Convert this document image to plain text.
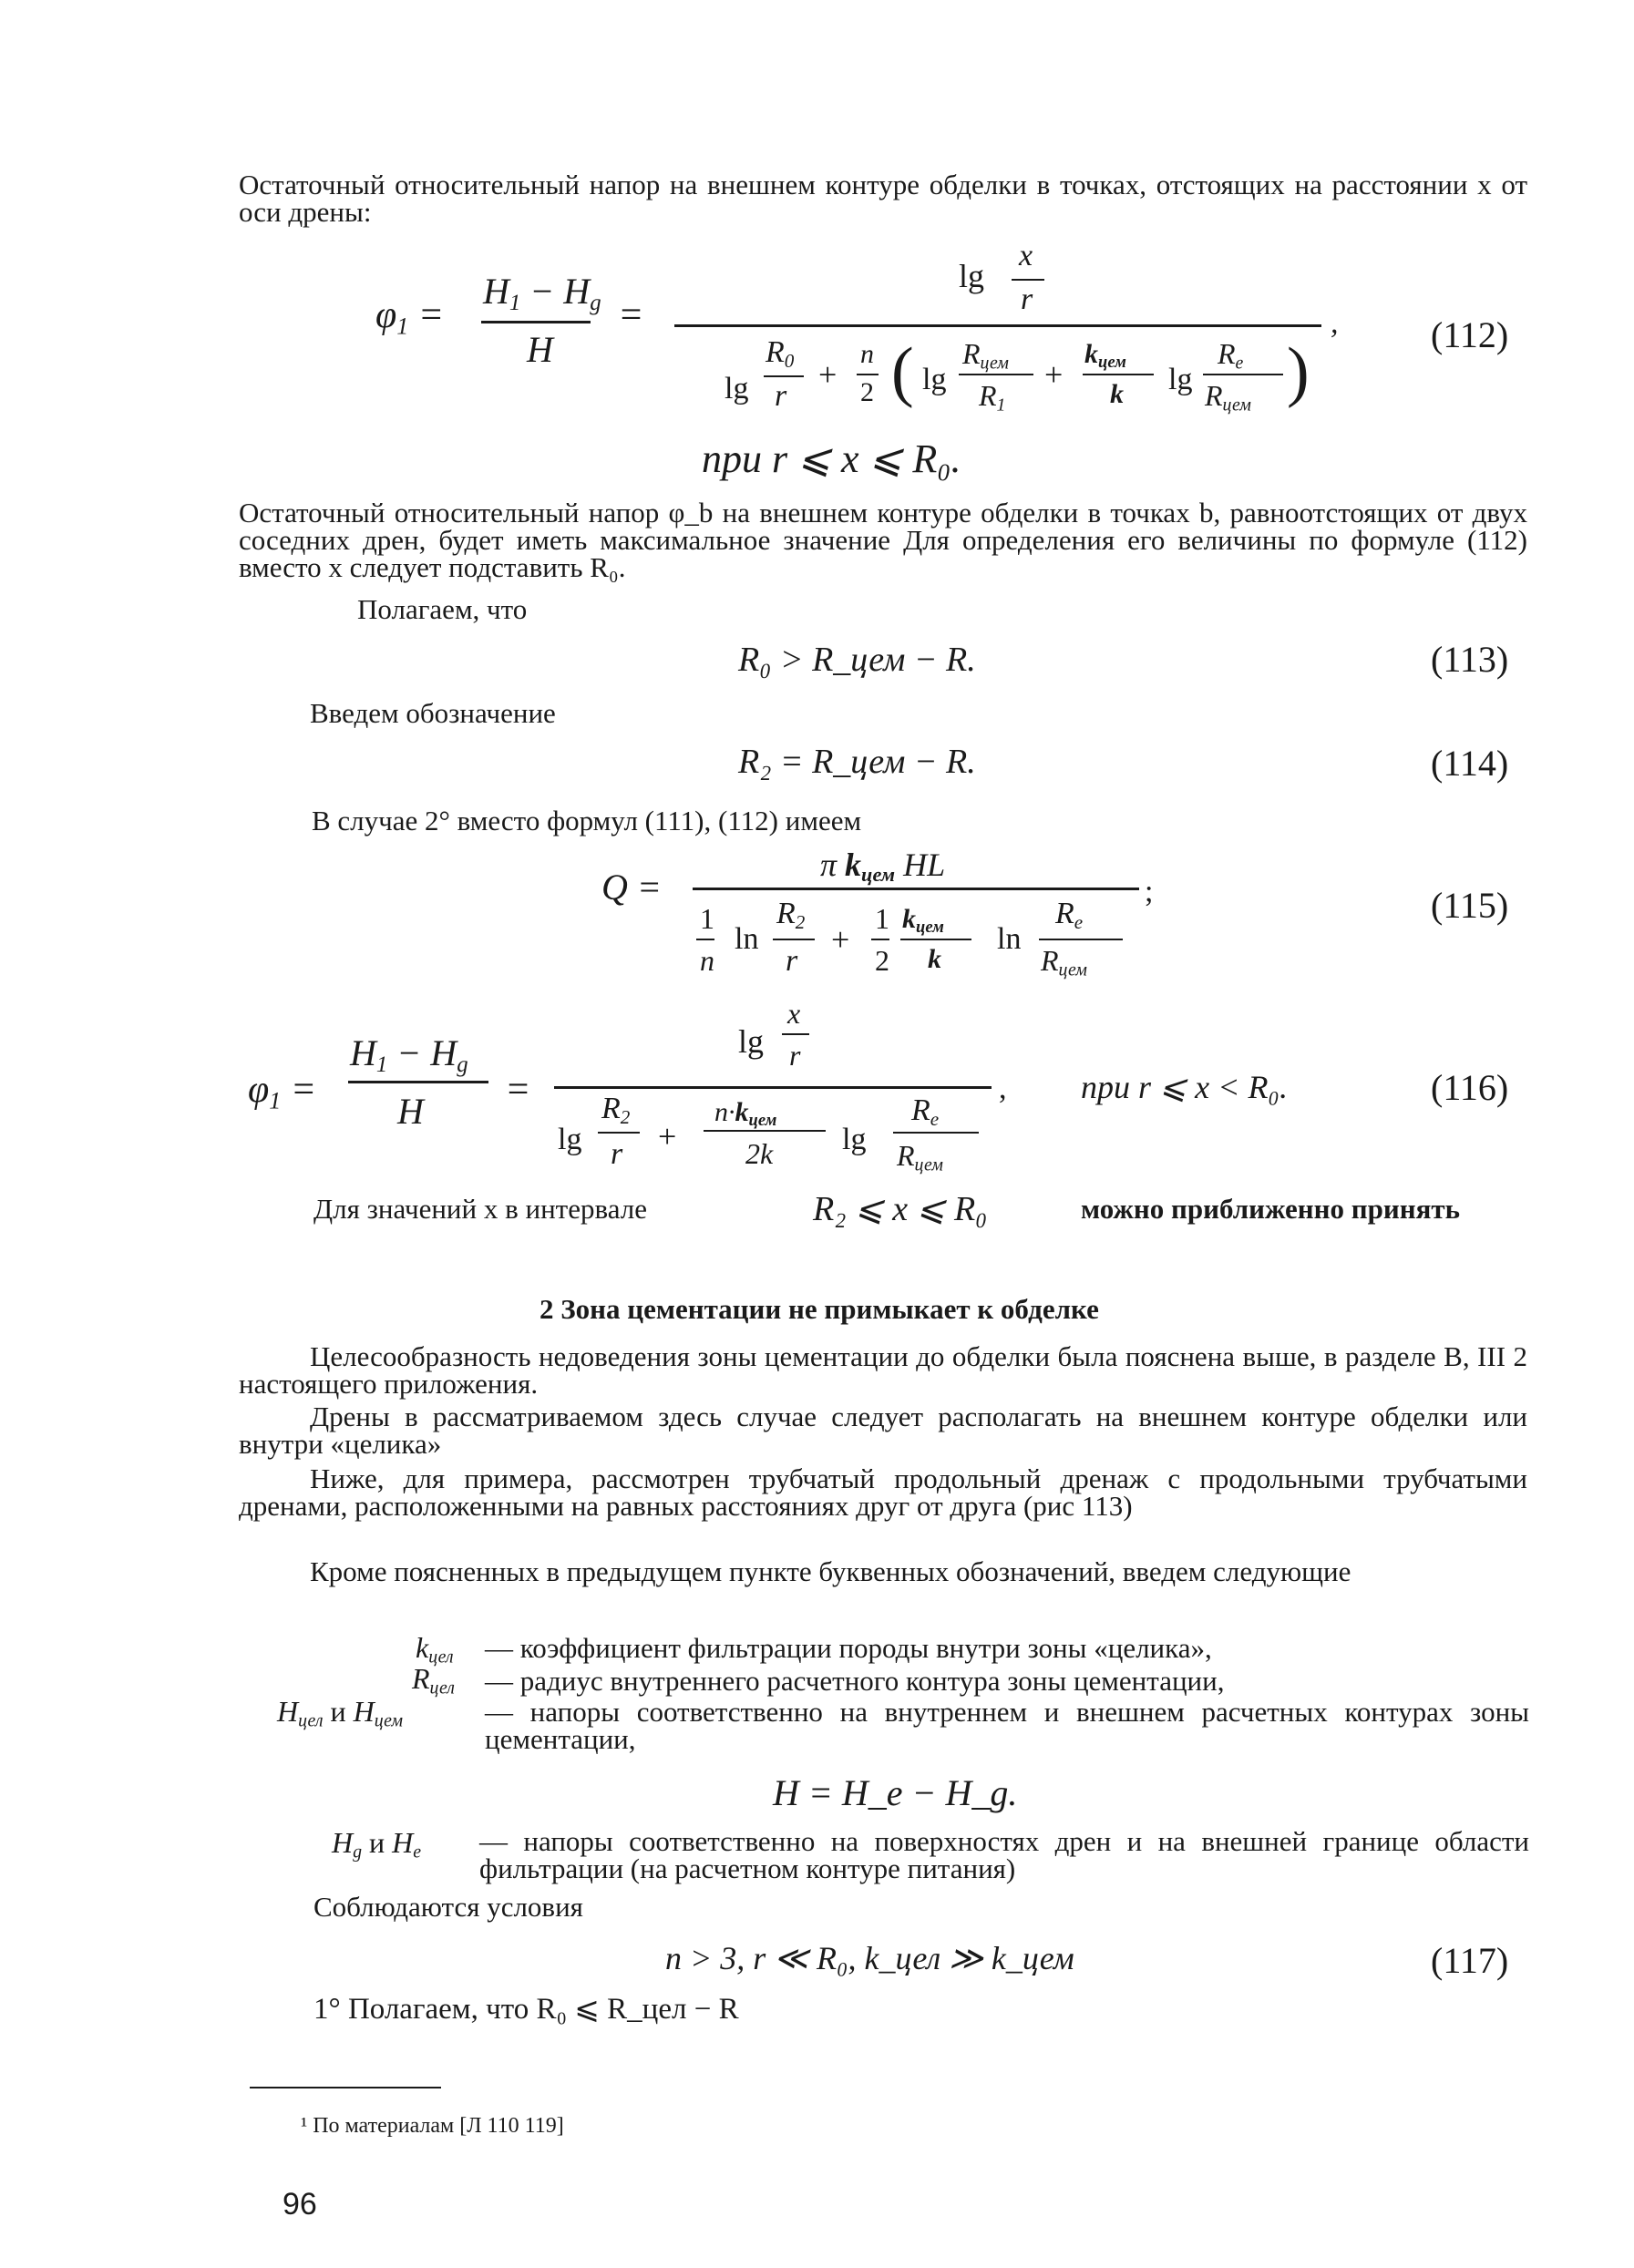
Остаточный относительный напор на внешнем контуре обделки в точках, отстоящих на расстоянии x от оси дрены:
$\varphi_1$ =
$H_1 - H_g$
H
=
lg
x
r
,
lg
$R_0$
r
+
n
2 ( lg
$R_{цем}$
$R_1$
+
$k_{цем}$
k lg
$R_e$
$R_{цем}$ )	(112)
при r ⩽ x ⩽ R₀.
Остаточный относительный напор φ_b на внешнем контуре обделки в точках b, равноотстоящих от двух соседних дрен, будет иметь максимальное значение Для определения его величины по формуле (112) вместо x следует подставить R₀.
Полагаем, что
R₀ > R_цем − R.	(113)
Введем обозначение
R₂ = R_цем − R.	(114)
В случае 2° вместо формул (111), (112) имеем
Q =
π $k_{цем}$ HL
;
1
n
ln
$R_2$
r
+
1
2
$k_{цем}$
k
ln
$R_e$
$R_{цем}$
(115)
$\varphi_1$ =
$H_1 - H_g$
H
=
lg
x
r
,
lg
$R_2$
r +
$n\cdot k_{цем}$
2k lg
$R_e$
$R_{цем}$
при r ⩽ x < R₀.	(116)
Для значений x в интервале	R₂ ⩽ x ⩽ R₀	можно приближенно принять
2 Зона цементации не примыкает к обделке
Целесообразность недоведения зоны цементации до обделки была пояснена выше, в разделе B, III 2 настоящего приложения.
Дрены в рассматриваемом здесь случае следует располагать на внешнем контуре обделки или внутри «целика»
Ниже, для примера, рассмотрен трубчатый продольный дренаж с продольными трубчатыми дренами, расположенными на равных расстояниях друг от друга (рис 113)
Кроме поясненных в предыдущем пункте буквенных обозначений, введем следующие
$k_{цел}$ — коэффициент фильтрации породы внутри зоны «целика»,
$R_{цел}$ — радиус внутреннего расчетного контура зоны цементации,
$H_{цел}$ и $H_{цем}$	— напоры соответственно на внутреннем и внешнем расчетных контурах зоны цементации,
H = H_e − H_g.
$H_g$ и $H_e$ — напоры соответственно на поверхностях дрен и на внешней границе области фильтрации (на расчетном контуре питания)
Соблюдаются условия
n > 3, r ≪ R₀, k_цел ≫ k_цем	(117)
1° Полагаем, что R₀ ⩽ R_цел − R
¹ По материалам [Л 110 119]
96
